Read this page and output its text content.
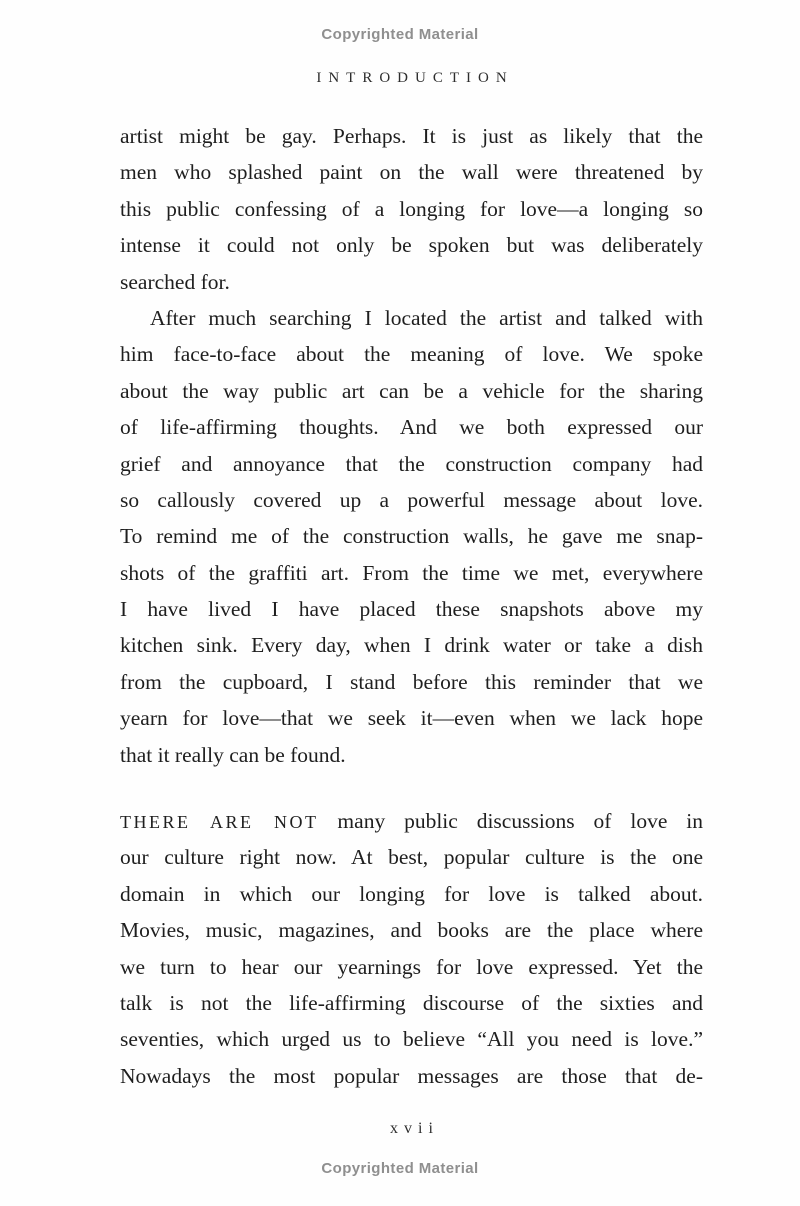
Copyrighted Material
INTRODUCTION
artist might be gay. Perhaps. It is just as likely that the
men who splashed paint on the wall were threatened by
this public confessing of a longing for love—a longing so
intense it could not only be spoken but was deliberately
searched for.
After much searching I located the artist and talked with
him face-to-face about the meaning of love. We spoke
about the way public art can be a vehicle for the sharing
of life-affirming thoughts. And we both expressed our
grief and annoyance that the construction company had
so callously covered up a powerful message about love.
To remind me of the construction walls, he gave me snap-
shots of the graffiti art. From the time we met, everywhere
I have lived I have placed these snapshots above my
kitchen sink. Every day, when I drink water or take a dish
from the cupboard, I stand before this reminder that we
yearn for love—that we seek it—even when we lack hope
that it really can be found.
THERE ARE NOT many public discussions of love in
our culture right now. At best, popular culture is the one
domain in which our longing for love is talked about.
Movies, music, magazines, and books are the place where
we turn to hear our yearnings for love expressed. Yet the
talk is not the life-affirming discourse of the sixties and
seventies, which urged us to believe “All you need is love.”
Nowadays the most popular messages are those that de-
xvii
Copyrighted Material
